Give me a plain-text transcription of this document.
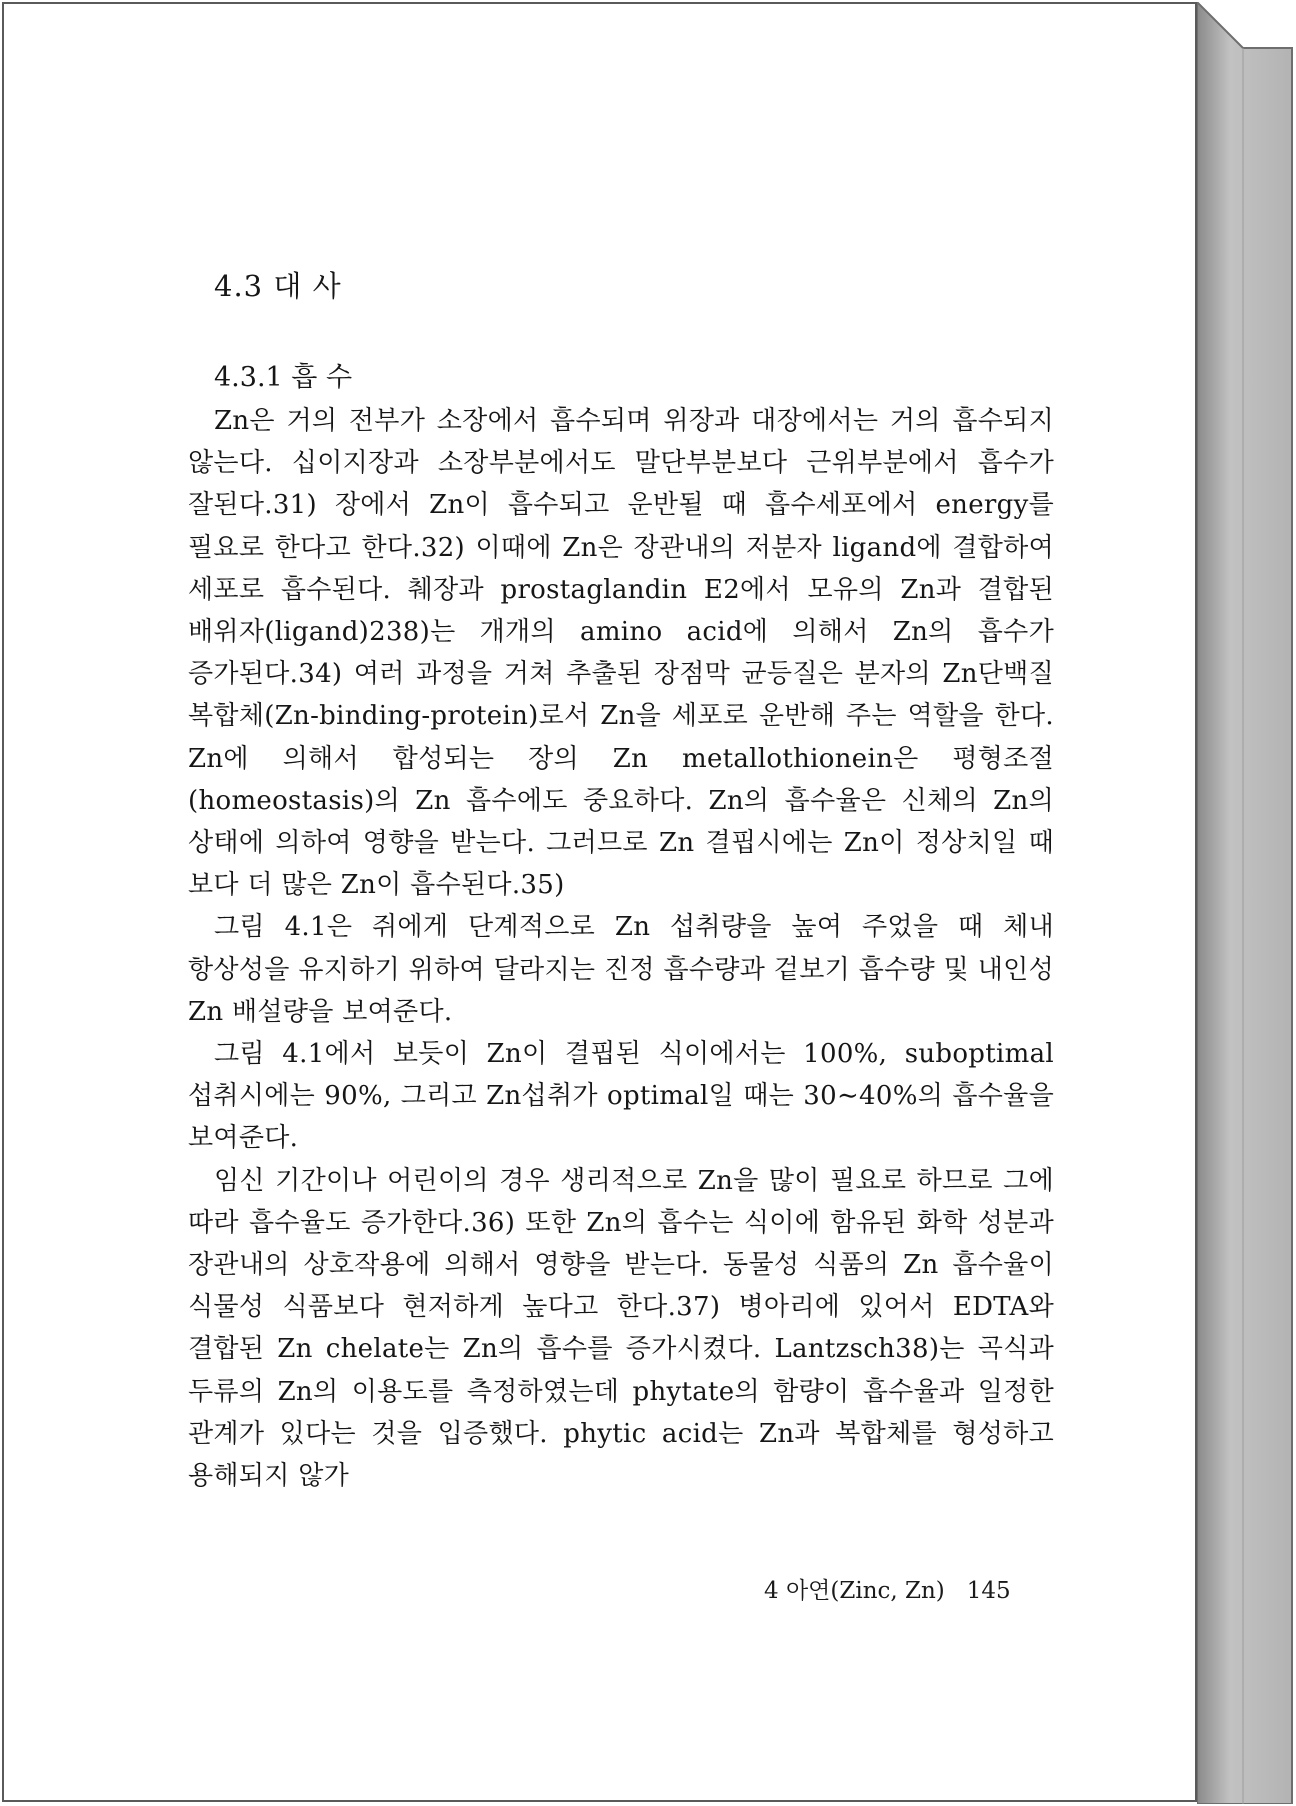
4.3 대 사
4.3.1 흡 수

Zn은 거의 전부가 소장에서 흡수되며 위장과 대장에서는 거의 흡수되지 않는다. 십이지장과 소장부분에서도 말단부분보다 근위부분에서 흡수가 잘된다.31) 장에서 Zn이 흡수되고 운반될 때 흡수세포에서 energy를 필요로 한다고 한다.32) 이때에 Zn은 장관내의 저분자 ligand에 결합하여 세포로 흡수된다. 췌장과 prostaglandin E2에서 모유의 Zn과 결합된 배위자(ligand)238)는 개개의 amino acid에 의해서 Zn의 흡수가 증가된다.34) 여러 과정을 거쳐 추출된 장점막 균등질은 분자의 Zn단백질 복합체(Zn-binding-protein)로서 Zn을 세포로 운반해 주는 역할을 한다. Zn에 의해서 합성되는 장의 Zn metallothionein은 평형조절(homeostasis)의 Zn 흡수에도 중요하다. Zn의 흡수율은 신체의 Zn의 상태에 의하여 영향을 받는다. 그러므로 Zn 결핍시에는 Zn이 정상치일 때 보다 더 많은 Zn이 흡수된다.35)

그림 4.1은 쥐에게 단계적으로 Zn 섭취량을 높여 주었을 때 체내 항상성을 유지하기 위하여 달라지는 진정 흡수량과 겉보기 흡수량 및 내인성 Zn 배설량을 보여준다.

그림 4.1에서 보듯이 Zn이 결핍된 식이에서는 100%, suboptimal 섭취시에는 90%, 그리고 Zn섭취가 optimal일 때는 30∼40%의 흡수율을 보여준다.

임신 기간이나 어린이의 경우 생리적으로 Zn을 많이 필요로 하므로 그에 따라 흡수율도 증가한다.36) 또한 Zn의 흡수는 식이에 함유된 화학 성분과 장관내의 상호작용에 의해서 영향을 받는다. 동물성 식품의 Zn 흡수율이 식물성 식품보다 현저하게 높다고 한다.37) 병아리에 있어서 EDTA와 결합된 Zn chelate는 Zn의 흡수를 증가시켰다. Lantzsch38)는 곡식과 두류의 Zn의 이용도를 측정하였는데 phytate의 함량이 흡수율과 일정한 관계가 있다는 것을 입증했다. phytic acid는 Zn과 복합체를 형성하고 용해되지 않가

4 아연(Zinc, Zn) 145
